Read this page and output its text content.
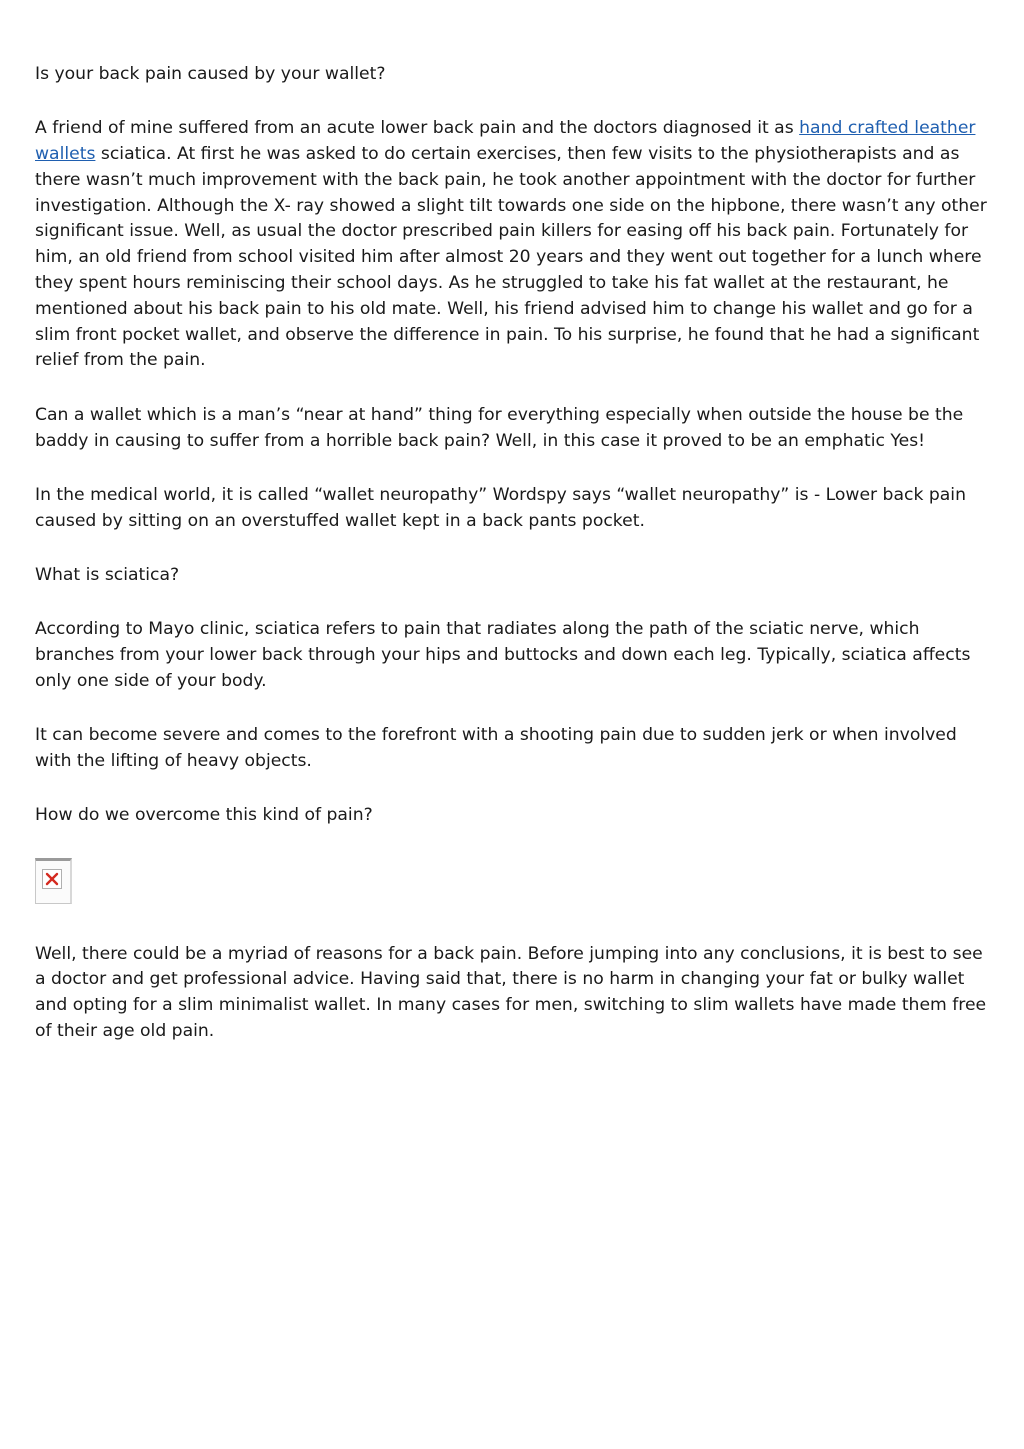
Is your back pain caused by your wallet?

A friend of mine suffered from an acute lower back pain and the doctors diagnosed it as hand crafted leather wallets sciatica. At first he was asked to do certain exercises, then few visits to the physiotherapists and as there wasn’t much improvement with the back pain, he took another appointment with the doctor for further investigation. Although the X- ray showed a slight tilt towards one side on the hipbone, there wasn’t any other significant issue. Well, as usual the doctor prescribed pain killers for easing off his back pain. Fortunately for him, an old friend from school visited him after almost 20 years and they went out together for a lunch where they spent hours reminiscing their school days. As he struggled to take his fat wallet at the restaurant, he mentioned about his back pain to his old mate. Well, his friend advised him to change his wallet and go for a slim front pocket wallet, and observe the difference in pain. To his surprise, he found that he had a significant relief from the pain.

Can a wallet which is a man’s “near at hand” thing for everything especially when outside the house be the baddy in causing to suffer from a horrible back pain? Well, in this case it proved to be an emphatic Yes!

In the medical world, it is called “wallet neuropathy” Wordspy says “wallet neuropathy” is - Lower back pain caused by sitting on an overstuffed wallet kept in a back pants pocket.

What is sciatica?

According to Mayo clinic, sciatica refers to pain that radiates along the path of the sciatic nerve, which branches from your lower back through your hips and buttocks and down each leg. Typically, sciatica affects only one side of your body.

It can become severe and comes to the forefront with a shooting pain due to sudden jerk or when involved with the lifting of heavy objects.

How do we overcome this kind of pain?

Well, there could be a myriad of reasons for a back pain. Before jumping into any conclusions, it is best to see a doctor and get professional advice. Having said that, there is no harm in changing your fat or bulky wallet and opting for a slim minimalist wallet. In many cases for men, switching to slim wallets have made them free of their age old pain.
